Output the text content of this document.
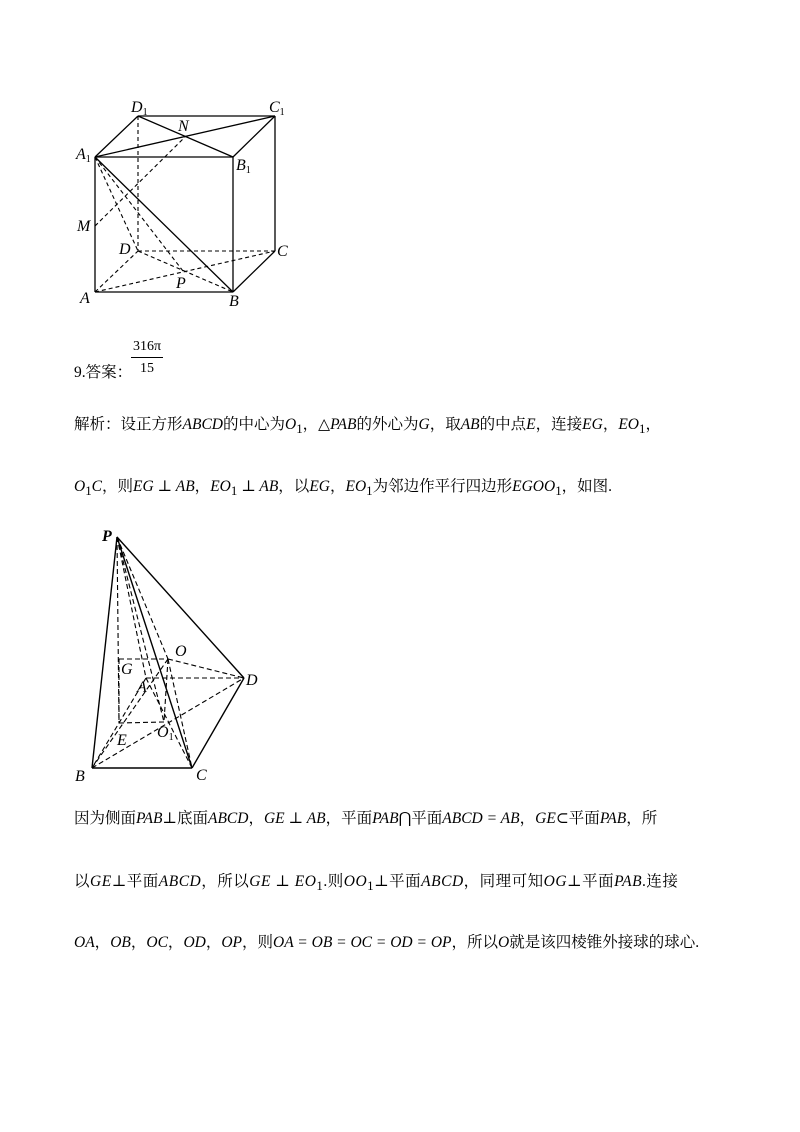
D1	C1
N
A1	B1
M
D	C
P
A	B
9.答案：
$\frac{316\pi}{15}$
解析：设正方形ABCD的中心为$O_1$，△PAB的外心为G，取AB的中点E，连接EG，$EO_1$，
$O_1C$，则EG ⊥ AB，$EO_1$ ⊥ AB，以EG，$EO_1$为邻边作平行四边形$EGOO_1$，如图.
P
O
G
A	D
E O1
B	C
因为侧面PAB⊥底面ABCD，GE ⊥ AB，平面PAB⋂平面ABCD = AB，GE⊂平面PAB，所
以GE⊥平面ABCD，所以GE ⊥ $EO_1$.则$OO_1\perp$平面ABCD，同理可知OG⊥平面PAB.连接
OA，OB，OC，OD，OP，则OA = OB = OC = OD = OP，所以O就是该四棱锥外接球的球心.
